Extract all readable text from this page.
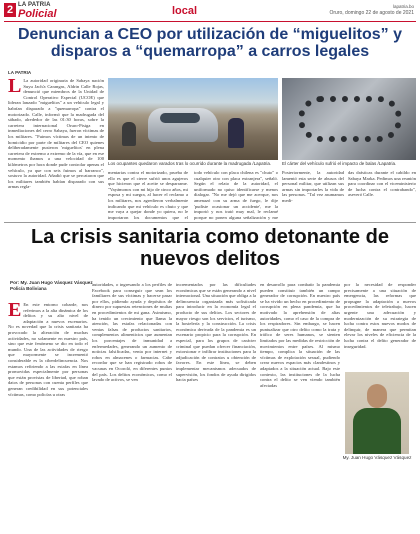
2 LA PATRIA
Policial	local	lapatria.bo
Oruro, domingo 22 de agosto de 2021
Denuncian a CEO por utilización de “miguelitos” y disparos a “quemarropa” a carros legales
LA PATRIA
L La autoridad originaria de Sabaya nación Suyu Jach'a Carangas, Aldrin Calle Rojas, denunció que miembros de la Unidad de Control Operativo Especial (UCOE) que lideran lanzado "miguelitos" a un vehículo legal y habrían disparado a "quemarropa" contra el motorizado. Calle, informó que la madrugada del sábado, alrededor de las 01:30 horas, sobre la carretera internacional Oruro-Pisiga en inmediaciones del cerro Sabaya, fueron víctimas de los militares. "Fuimos víctimas de un intento de homicidio por parte de militares del CEO quienes deliberadamente pusieron 'miguelitos' en plena carretera de extremo a extremo de la vía, que en ese momento íbamos a una velocidad de 100 kilómetros por hora donde pude controlar apenas el vehículo, ya que con seis fuimos al barranco", sostuvo la autoridad. Añadió que se percataron que los militares también habían disparado con sus armas regla-
Los ocupantes quedaron varados tras lo ocurrido durante la madrugada /Lapatria.	El cárter del vehículo sufrió el impacto de balas /Lapatria.
mentarias contra el motorizado, prueba de ello es que el cierre sufrió unos agujeros que hicieron que el aceite se desparrame. "Vayámonos con mi hijo de cinco años, mi esposa y mi suegra, al hacer el reclamo a los militares, nos agredieron verbalmente indicando que mi vehículo es chuto y que me vaya a quejar donde yo quiera, no le importaron los documentos que el
todo vehículo con placa chilena es "chuto" o cualquier otro con placa extranjera", señaló. Según el relato de la autoridad, el uniformado no quiso identificarse y menos dialogar. "No me dejó que me acerque, nos amenazó con su arma de fuego, le dije 'pudiste ocasionar un accidente', me la importó y nos trató muy mal, le reclamé porque no ponen alguna señalización y me
Posteriormente, la autoridad lamentó esta serie de abusos del personal militar, que utilizan sus armas sin importarles la vida de las personas. "Tal vez asumamos medi-
das drásticas durante el cabildo en Sabaya Marka. Pedimos una reunión para coordinar con el viceministerio de lucha contra el contrabando", aseveró Calle.
La crisis sanitaria como detonante de nuevos delitos
Por: My. Juan Hugo Vásquez Vásquez
Policía Boliviana
E En este entorno cobarde, nos referimos a la alta dinámica de los delitos y su alto nivel de adaptación a nuevos escenarios. No es novedad que la crisis sanitaria ha provocado la alteración de muchas actividades, no solamente en nuestro país, sino que este fenómeno se dio en todo el mundo. Una de las actividades de riesgo que mayormente se incrementó considerable es la ciberdelincuencia. Nos estamos refiriendo a las estafas en línea promovidas especialmente por personas que están provistas de libertad, que roban datos de personas con cuenta perfiles que generan credibilidad en sus potenciales víctimas, como policías u otras
autoridades, o ingresando a los perfiles de Facebook para conseguir que sean los familiares de sus víctimas y hacerse pasar por ellos, pidiendo ayuda y depósitos de dinero por supuestas retenciones de multas en procedimientos de mi gana. Asimismo, ha tenido un crecimiento que llama la atención, las estafas relacionadas con ventas falsas de productos sanitarios, complementos alimenticios que aumentan los porcentajes de inmunidad a enfermedades, generando un aumento de noticias falsificadas, venta por internet y robos en almacenes o farmacias. Cabe recordar que se han registrado robos de vacunas en Ocoroló, en diferentes puntos del país. Los delitos económicos, como el lavado de activos, se ven
incrementados por las dificultades económicas que se están generando a nivel internacional. Una situación que obliga a la delincuencia organizada más sofisticada para introducir en la economía legal el producto de sus delitos. Los sectores de mayor riesgo son los servicios, el turismo, la hostelería y la construcción. La crisis económica derivada de la pandemia es un escenario propicio para la corrupción. En especial, para los grupos de carácter criminal que puedan ofrecer financiación, extorsionar e infiltrar instituciones para la adjudicación de contratos u obtención de favores. En este línea, se deben implementar mecanismos adecuados de supervisión, los fondos de ayuda dirigidos hacia países
en desarrollo para combatir la pandemia pueden constituir también un campo generador de corrupción. En nuestro país se ha vivido un hecho en procedimiento de corrupción en plena pandemia, que ha motivado la aprehensión de altas autoridades, como el caso de la compra de los respiradores. Sin embargo, se hacen puntualizar que otro delito como la trata y tráfico de seres humanos, se sienten limitados por las medidas de restricción de movimientos entre países. Al mismo tiempo, complica la situación de las víctimas de explotación sexual, pudiendo crear nuevos espacios más clandestinos y adaptados a la situación actual. Bajo este contexto, las instituciones de la lucha contra el delito se ven viendo también afectadas
por la necesidad de responder precisamente a una situación de emergencia, las reformas que propugne la adaptación a nuevos procedimientos de teletrabajo, hacen urgente una adecuación y modernización de su estrategia de lucha contra estos nuevos modos de delinquir, de manera que permitan elevar los niveles de eficiencia de la lucha contra el delito generador de inseguridad.
My. Juan Hugo Vásquez Vásquez
